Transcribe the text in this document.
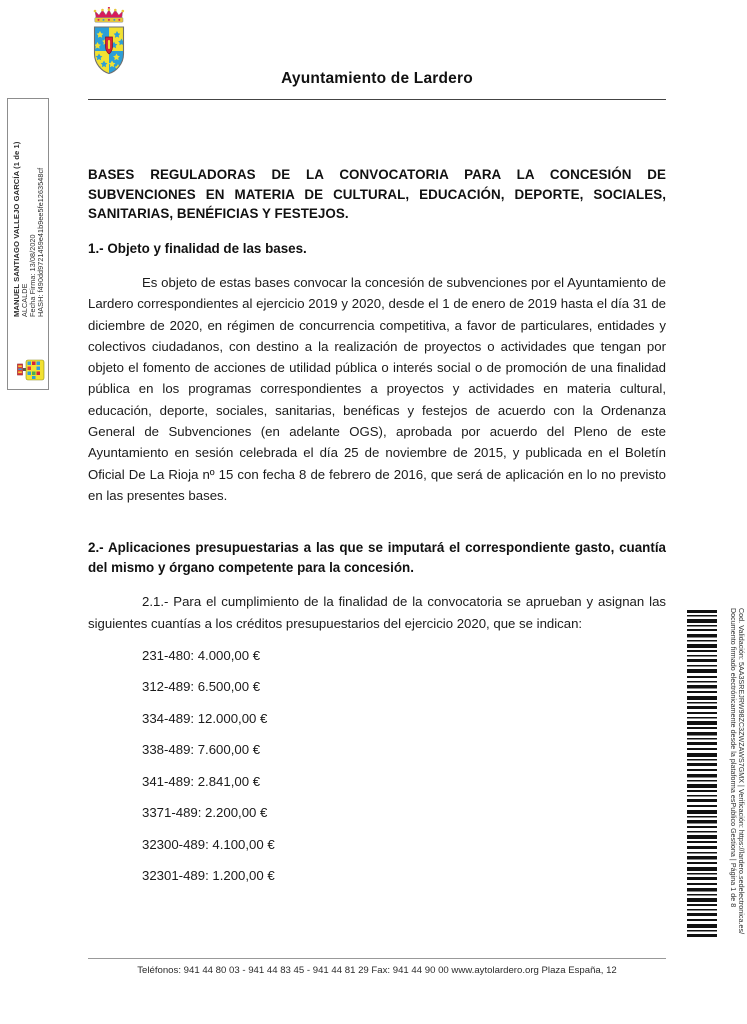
MANUEL SANTIAGO VALLEJO GARCÍA (1 de 1) ALCALDE Fecha Firma: 13/08/2020 HASH: f490dd9721459e41b9ee5fe1263548cf
Ayuntamiento de Lardero

BASES REGULADORAS DE LA CONVOCATORIA PARA LA CONCESIÓN DE SUBVENCIONES EN MATERIA DE CULTURAL, EDUCACIÓN, DEPORTE, SOCIALES, SANITARIAS, BENÉFICIAS Y FESTEJOS.

1.- Objeto y finalidad de las bases.

Es objeto de estas bases convocar la concesión de subvenciones por el Ayuntamiento de Lardero correspondientes al ejercicio 2019 y 2020, desde el 1 de enero de 2019 hasta el día 31 de diciembre de 2020, en régimen de concurrencia competitiva, a favor de particulares, entidades y colectivos ciudadanos, con destino a la realización de proyectos o actividades que tengan por objeto el fomento de acciones de utilidad pública o interés social o de promoción de una finalidad pública en los programas correspondientes a proyectos y actividades en materia cultural, educación, deporte, sociales, sanitarias, benéficas y festejos de acuerdo con la Ordenanza General de Subvenciones (en adelante OGS), aprobada por acuerdo del Pleno de este Ayuntamiento en sesión celebrada el día 25 de noviembre de 2015, y publicada en el Boletín Oficial De La Rioja nº 15 con fecha 8 de febrero de 2016, que será de aplicación en lo no previsto en las presentes bases.

2.- Aplicaciones presupuestarias a las que se imputará el correspondiente gasto, cuantía del mismo y órgano competente para la concesión.

2.1.- Para el cumplimiento de la finalidad de la convocatoria se aprueban y asignan las siguientes cuantías a los créditos presupuestarios del ejercicio 2020, que se indican:

231-480: 4.000,00 €
312-489: 6.500,00 €
334-489: 12.000,00 €
338-489: 7.600,00 €
341-489: 2.841,00 €
3371-489: 2.200,00 €
32300-489: 4.100,00 €
32301-489: 1.200,00 €	Cod. Validación: 5AA3SREJRW98ZC3ZWZAWS7GMX | Verificación: https://lardero.sedelectronica.es/
Documento firmado electrónicamente desde la plataforma esPublico Gestiona | Página 1 de 8
Teléfonos: 941 44 80 03 - 941 44 83 45 - 941 44 81 29 Fax: 941 44 90 00 www.aytolardero.org Plaza España, 12
